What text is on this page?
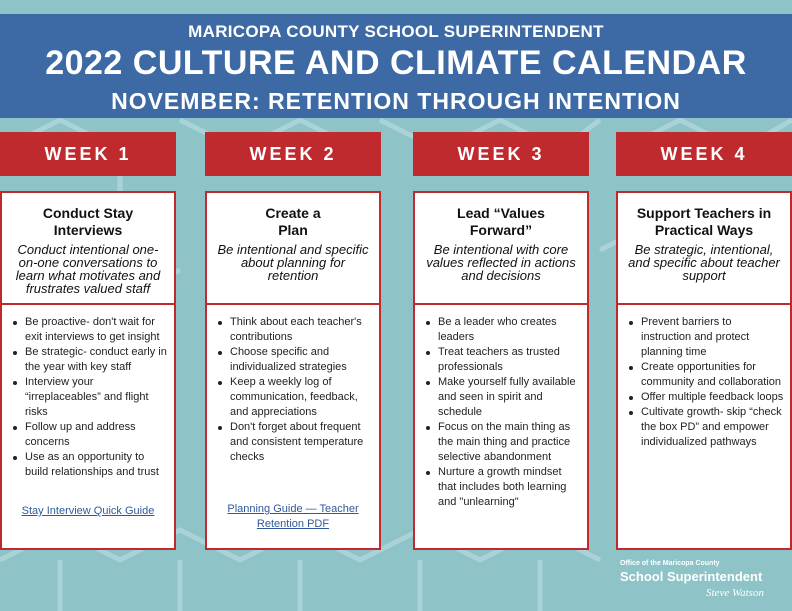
MARICOPA COUNTY SCHOOL SUPERINTENDENT
2022 CULTURE AND CLIMATE CALENDAR
NOVEMBER: RETENTION THROUGH INTENTION
WEEK 1	WEEK 2	WEEK 3	WEEK 4
Conduct Stay Interviews
Conduct intentional one-on-one conversations to learn what motivates and frustrates valued staff
Be proactive- don't wait for exit interviews to get insight
Be strategic- conduct early in the year with key staff
Interview your “irreplaceables” and flight risks
Follow up and address concerns
Use as an opportunity to build relationships and trust
Stay Interview Quick Guide
Create a Plan
Be intentional and specific about planning for retention
Think about each teacher's contributions
Choose specific and individualized strategies
Keep a weekly log of communication, feedback, and appreciations
Don't forget about frequent and consistent temperature checks
Planning Guide — Teacher Retention PDF
Lead “Values Forward”
Be intentional with core values reflected in actions and decisions
Be a leader who creates leaders
Treat teachers as trusted professionals
Make yourself fully available and seen in spirit and schedule
Focus on the main thing as the main thing and practice selective abandonment
Nurture a growth mindset that includes both learning and "unlearning"
Support Teachers in Practical Ways
Be strategic, intentional, and specific about teacher support
Prevent barriers to instruction and protect planning time
Create opportunities for community and collaboration
Offer multiple feedback loops
Cultivate growth- skip “check the box PD” and empower individualized pathways
Office of the Maricopa County
School Superintendent
Steve Watson
